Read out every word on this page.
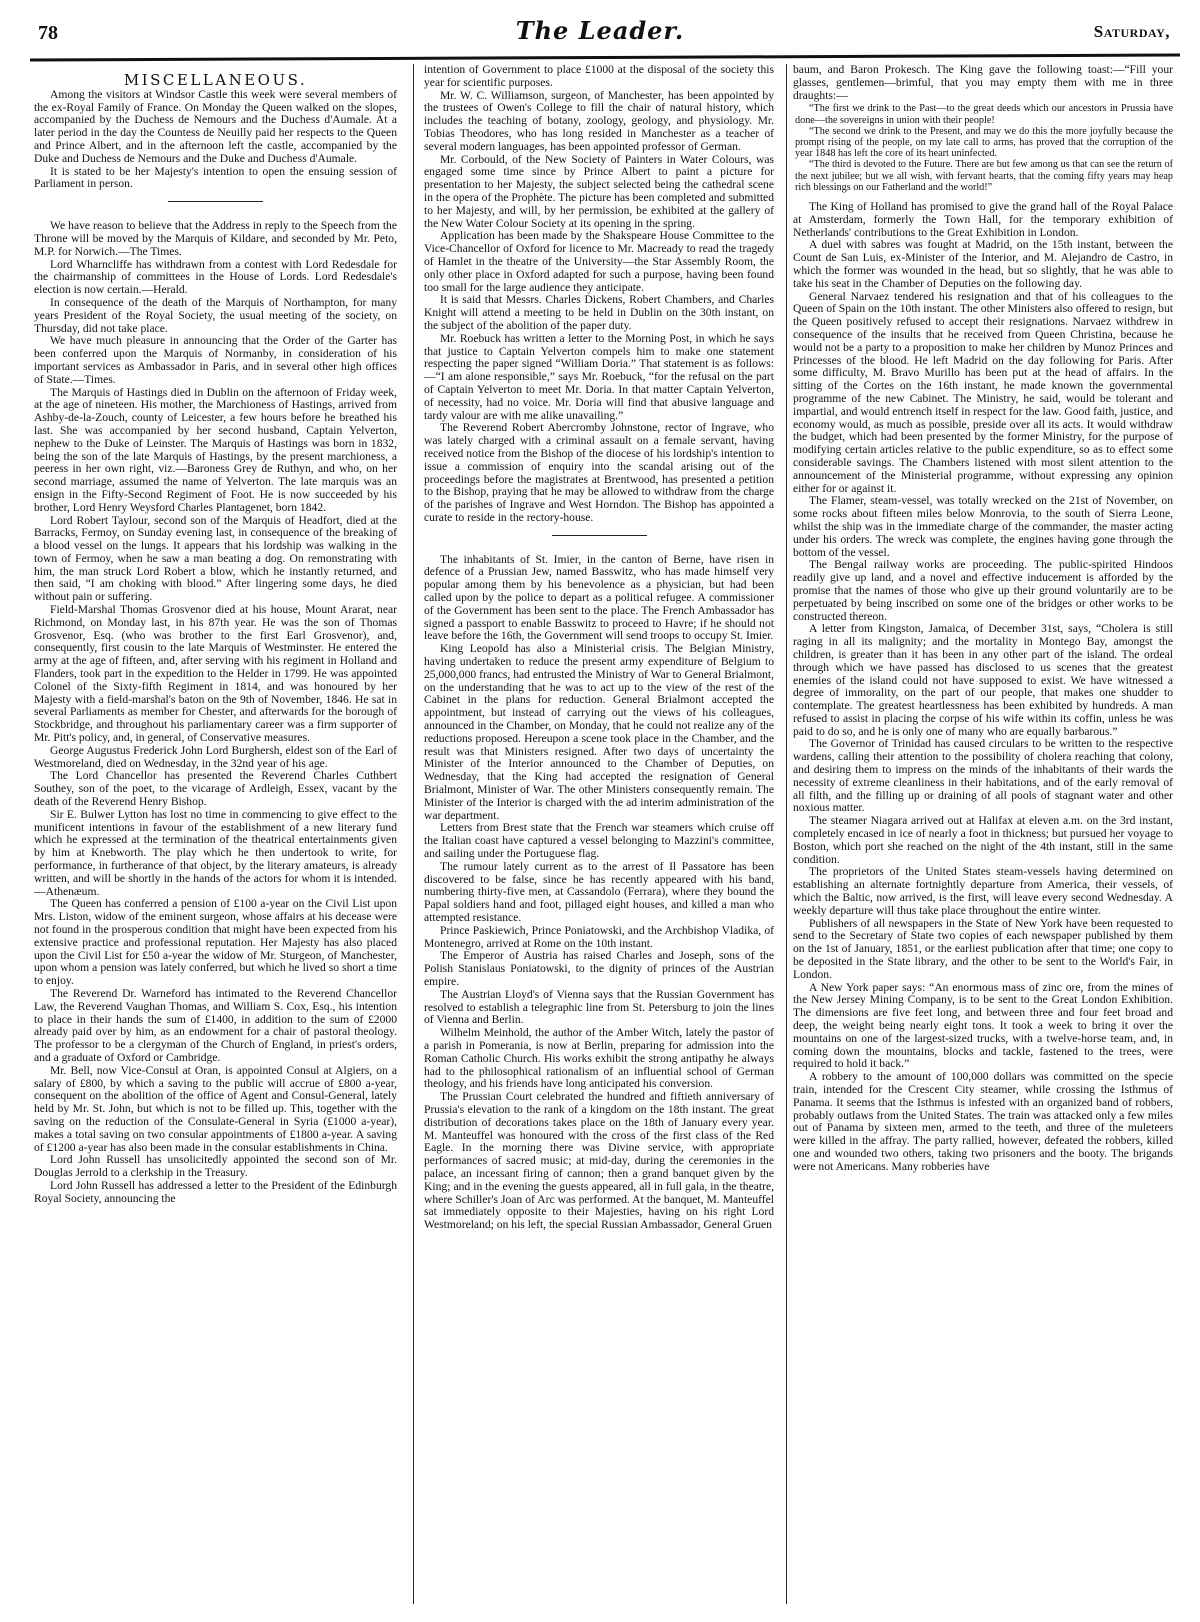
78	The Leader.	Saturday,
MISCELLANEOUS.

Among the visitors at Windsor Castle this week were several members of the ex-Royal Family of France. On Monday the Queen walked on the slopes, accompanied by the Duchess de Nemours and the Duchess d'Aumale. At a later period in the day the Countess de Neuilly paid her respects to the Queen and Prince Albert, and in the afternoon left the castle, accompanied by the Duke and Duchess de Nemours and the Duke and Duchess d'Aumale.

It is stated to be her Majesty's intention to open the ensuing session of Parliament in person.

We have reason to believe that the Address in reply to the Speech from the Throne will be moved by the Marquis of Kildare, and seconded by Mr. Peto, M.P. for Norwich.—The Times.

Lord Wharncliffe has withdrawn from a contest with Lord Redesdale for the chairmanship of committees in the House of Lords. Lord Redesdale's election is now certain.—Herald.

In consequence of the death of the Marquis of Northampton, for many years President of the Royal Society, the usual meeting of the society, on Thursday, did not take place.

We have much pleasure in announcing that the Order of the Garter has been conferred upon the Marquis of Normanby, in consideration of his important services as Ambassador in Paris, and in several other high offices of State.—Times.

The Marquis of Hastings died in Dublin on the afternoon of Friday week, at the age of nineteen. His mother, the Marchioness of Hastings, arrived from Ashby-de-la-Zouch, county of Leicester, a few hours before he breathed his last. She was accompanied by her second husband, Captain Yelverton, nephew to the Duke of Leinster. The Marquis of Hastings was born in 1832, being the son of the late Marquis of Hastings, by the present marchioness, a peeress in her own right, viz.—Baroness Grey de Ruthyn, and who, on her second marriage, assumed the name of Yelverton. The late marquis was an ensign in the Fifty-Second Regiment of Foot. He is now succeeded by his brother, Lord Henry Weysford Charles Plantagenet, born 1842.

Lord Robert Taylour, second son of the Marquis of Headfort, died at the Barracks, Fermoy, on Sunday evening last, in consequence of the breaking of a blood vessel on the lungs. It appears that his lordship was walking in the town of Fermoy, when he saw a man beating a dog. On remonstrating with him, the man struck Lord Robert a blow, which he instantly returned, and then said, “I am choking with blood.” After lingering some days, he died without pain or suffering.

Field-Marshal Thomas Grosvenor died at his house, Mount Ararat, near Richmond, on Monday last, in his 87th year. He was the son of Thomas Grosvenor, Esq. (who was brother to the first Earl Grosvenor), and, consequently, first cousin to the late Marquis of Westminster. He entered the army at the age of fifteen, and, after serving with his regiment in Holland and Flanders, took part in the expedition to the Helder in 1799. He was appointed Colonel of the Sixty-fifth Regiment in 1814, and was honoured by her Majesty with a field-marshal's baton on the 9th of November, 1846. He sat in several Parliaments as member for Chester, and afterwards for the borough of Stockbridge, and throughout his parliamentary career was a firm supporter of Mr. Pitt's policy, and, in general, of Conservative measures.

George Augustus Frederick John Lord Burghersh, eldest son of the Earl of Westmoreland, died on Wednesday, in the 32nd year of his age.

The Lord Chancellor has presented the Reverend Charles Cuthbert Southey, son of the poet, to the vicarage of Ardleigh, Essex, vacant by the death of the Reverend Henry Bishop.

Sir E. Bulwer Lytton has lost no time in commencing to give effect to the munificent intentions in favour of the establishment of a new literary fund which he expressed at the termination of the theatrical entertainments given by him at Knebworth. The play which he then undertook to write, for performance, in furtherance of that object, by the literary amateurs, is already written, and will be shortly in the hands of the actors for whom it is intended.—Athenæum.

The Queen has conferred a pension of £100 a-year on the Civil List upon Mrs. Liston, widow of the eminent surgeon, whose affairs at his decease were not found in the prosperous condition that might have been expected from his extensive practice and professional reputation. Her Majesty has also placed upon the Civil List for £50 a-year the widow of Mr. Sturgeon, of Manchester, upon whom a pension was lately conferred, but which he lived so short a time to enjoy.

The Reverend Dr. Warneford has intimated to the Reverend Chancellor Law, the Reverend Vaughan Thomas, and William S. Cox, Esq., his intention to place in their hands the sum of £1400, in addition to the sum of £2000 already paid over by him, as an endowment for a chair of pastoral theology. The professor to be a clergyman of the Church of England, in priest's orders, and a graduate of Oxford or Cambridge.

Mr. Bell, now Vice-Consul at Oran, is appointed Consul at Algiers, on a salary of £800, by which a saving to the public will accrue of £800 a-year, consequent on the abolition of the office of Agent and Consul-General, lately held by Mr. St. John, but which is not to be filled up. This, together with the saving on the reduction of the Consulate-General in Syria (£1000 a-year), makes a total saving on two consular appointments of £1800 a-year. A saving of £1200 a-year has also been made in the consular establishments in China.

Lord John Russell has unsolicitedly appointed the second son of Mr. Douglas Jerrold to a clerkship in the Treasury.

Lord John Russell has addressed a letter to the President of the Edinburgh Royal Society, announcing the

intention of Government to place £1000 at the disposal of the society this year for scientific purposes.

Mr. W. C. Williamson, surgeon, of Manchester, has been appointed by the trustees of Owen's College to fill the chair of natural history, which includes the teaching of botany, zoology, geology, and physiology. Mr. Tobias Theodores, who has long resided in Manchester as a teacher of several modern languages, has been appointed professor of German.

Mr. Corbould, of the New Society of Painters in Water Colours, was engaged some time since by Prince Albert to paint a picture for presentation to her Majesty, the subject selected being the cathedral scene in the opera of the Prophète. The picture has been completed and submitted to her Majesty, and will, by her permission, be exhibited at the gallery of the New Water Colour Society at its opening in the spring.

Application has been made by the Shakspeare House Committee to the Vice-Chancellor of Oxford for licence to Mr. Macready to read the tragedy of Hamlet in the theatre of the University—the Star Assembly Room, the only other place in Oxford adapted for such a purpose, having been found too small for the large audience they anticipate.

It is said that Messrs. Charles Dickens, Robert Chambers, and Charles Knight will attend a meeting to be held in Dublin on the 30th instant, on the subject of the abolition of the paper duty.

Mr. Roebuck has written a letter to the Morning Post, in which he says that justice to Captain Yelverton compels him to make one statement respecting the paper signed “William Doria.” That statement is as follows:—“I am alone responsible,” says Mr. Roebuck, “for the refusal on the part of Captain Yelverton to meet Mr. Doria. In that matter Captain Yelverton, of necessity, had no voice. Mr. Doria will find that abusive language and tardy valour are with me alike unavailing.”

The Reverend Robert Abercromby Johnstone, rector of Ingrave, who was lately charged with a criminal assault on a female servant, having received notice from the Bishop of the diocese of his lordship's intention to issue a commission of enquiry into the scandal arising out of the proceedings before the magistrates at Brentwood, has presented a petition to the Bishop, praying that he may be allowed to withdraw from the charge of the parishes of Ingrave and West Horndon. The Bishop has appointed a curate to reside in the rectory-house.

The inhabitants of St. Imier, in the canton of Berne, have risen in defence of a Prussian Jew, named Basswitz, who has made himself very popular among them by his benevolence as a physician, but had been called upon by the police to depart as a political refugee. A commissioner of the Government has been sent to the place. The French Ambassador has signed a passport to enable Basswitz to proceed to Havre; if he should not leave before the 16th, the Government will send troops to occupy St. Imier.

King Leopold has also a Ministerial crisis. The Belgian Ministry, having undertaken to reduce the present army expenditure of Belgium to 25,000,000 francs, had entrusted the Ministry of War to General Brialmont, on the understanding that he was to act up to the view of the rest of the Cabinet in the plans for reduction. General Brialmont accepted the appointment, but instead of carrying out the views of his colleagues, announced in the Chamber, on Monday, that he could not realize any of the reductions proposed. Hereupon a scene took place in the Chamber, and the result was that Ministers resigned. After two days of uncertainty the Minister of the Interior announced to the Chamber of Deputies, on Wednesday, that the King had accepted the resignation of General Brialmont, Minister of War. The other Ministers consequently remain. The Minister of the Interior is charged with the ad interim administration of the war department.

Letters from Brest state that the French war steamers which cruise off the Italian coast have captured a vessel belonging to Mazzini's committee, and sailing under the Portuguese flag.

The rumour lately current as to the arrest of Il Passatore has been discovered to be false, since he has recently appeared with his band, numbering thirty-five men, at Cassandolo (Ferrara), where they bound the Papal soldiers hand and foot, pillaged eight houses, and killed a man who attempted resistance.

Prince Paskiewich, Prince Poniatowski, and the Archbishop Vladika, of Montenegro, arrived at Rome on the 10th instant.

The Emperor of Austria has raised Charles and Joseph, sons of the Polish Stanislaus Poniatowski, to the dignity of princes of the Austrian empire.

The Austrian Lloyd's of Vienna says that the Russian Government has resolved to establish a telegraphic line from St. Petersburg to join the lines of Vienna and Berlin.

Wilhelm Meinhold, the author of the Amber Witch, lately the pastor of a parish in Pomerania, is now at Berlin, preparing for admission into the Roman Catholic Church. His works exhibit the strong antipathy he always had to the philosophical rationalism of an influential school of German theology, and his friends have long anticipated his conversion.

The Prussian Court celebrated the hundred and fiftieth anniversary of Prussia's elevation to the rank of a kingdom on the 18th instant. The great distribution of decorations takes place on the 18th of January every year. M. Manteuffel was honoured with the cross of the first class of the Red Eagle. In the morning there was Divine service, with appropriate performances of sacred music; at mid-day, during the ceremonies in the palace, an incessant firing of cannon; then a grand banquet given by the King; and in the evening the guests appeared, all in full gala, in the theatre, where Schiller's Joan of Arc was performed. At the banquet, M. Manteuffel sat immediately opposite to their Majesties, having on his right Lord Westmoreland; on his left, the special Russian Ambassador, General Gruen

baum, and Baron Prokesch. The King gave the following toast:—“Fill your glasses, gentlemen—brimful, that you may empty them with me in three draughts:—

“The first we drink to the Past—to the great deeds which our ancestors in Prussia have done—the sovereigns in union with their people!

“The second we drink to the Present, and may we do this the more joyfully because the prompt rising of the people, on my late call to arms, has proved that the corruption of the year 1848 has left the core of its heart uninfected.

“The third is devoted to the Future. There are but few among us that can see the return of the next jubilee; but we all wish, with fervant hearts, that the coming fifty years may heap rich blessings on our Fatherland and the world!”

The King of Holland has promised to give the grand hall of the Royal Palace at Amsterdam, formerly the Town Hall, for the temporary exhibition of Netherlands' contributions to the Great Exhibition in London.

A duel with sabres was fought at Madrid, on the 15th instant, between the Count de San Luis, ex-Minister of the Interior, and M. Alejandro de Castro, in which the former was wounded in the head, but so slightly, that he was able to take his seat in the Chamber of Deputies on the following day.

General Narvaez tendered his resignation and that of his colleagues to the Queen of Spain on the 10th instant. The other Ministers also offered to resign, but the Queen positively refused to accept their resignations. Narvaez withdrew in consequence of the insults that he received from Queen Christina, because he would not be a party to a proposition to make her children by Munoz Princes and Princesses of the blood. He left Madrid on the day following for Paris. After some difficulty, M. Bravo Murillo has been put at the head of affairs. In the sitting of the Cortes on the 16th instant, he made known the governmental programme of the new Cabinet. The Ministry, he said, would be tolerant and impartial, and would entrench itself in respect for the law. Good faith, justice, and economy would, as much as possible, preside over all its acts. It would withdraw the budget, which had been presented by the former Ministry, for the purpose of modifying certain articles relative to the public expenditure, so as to effect some considerable savings. The Chambers listened with most silent attention to the announcement of the Ministerial programme, without expressing any opinion either for or against it.

The Flamer, steam-vessel, was totally wrecked on the 21st of November, on some rocks about fifteen miles below Monrovia, to the south of Sierra Leone, whilst the ship was in the immediate charge of the commander, the master acting under his orders. The wreck was complete, the engines having gone through the bottom of the vessel.

The Bengal railway works are proceeding. The public-spirited Hindoos readily give up land, and a novel and effective inducement is afforded by the promise that the names of those who give up their ground voluntarily are to be perpetuated by being inscribed on some one of the bridges or other works to be constructed thereon.

A letter from Kingston, Jamaica, of December 31st, says, “Cholera is still raging in all its malignity; and the mortality in Montego Bay, amongst the children, is greater than it has been in any other part of the island. The ordeal through which we have passed has disclosed to us scenes that the greatest enemies of the island could not have supposed to exist. We have witnessed a degree of immorality, on the part of our people, that makes one shudder to contemplate. The greatest heartlessness has been exhibited by hundreds. A man refused to assist in placing the corpse of his wife within its coffin, unless he was paid to do so, and he is only one of many who are equally barbarous.”

The Governor of Trinidad has caused circulars to be written to the respective wardens, calling their attention to the possibility of cholera reaching that colony, and desiring them to impress on the minds of the inhabitants of their wards the necessity of extreme cleanliness in their habitations, and of the early removal of all filth, and the filling up or draining of all pools of stagnant water and other noxious matter.

The steamer Niagara arrived out at Halifax at eleven a.m. on the 3rd instant, completely encased in ice of nearly a foot in thickness; but pursued her voyage to Boston, which port she reached on the night of the 4th instant, still in the same condition.

The proprietors of the United States steam-vessels having determined on establishing an alternate fortnightly departure from America, their vessels, of which the Baltic, now arrived, is the first, will leave every second Wednesday. A weekly departure will thus take place throughout the entire winter.

Publishers of all newspapers in the State of New York have been requested to send to the Secretary of State two copies of each newspaper published by them on the 1st of January, 1851, or the earliest publication after that time; one copy to be deposited in the State library, and the other to be sent to the World's Fair, in London.

A New York paper says: “An enormous mass of zinc ore, from the mines of the New Jersey Mining Company, is to be sent to the Great London Exhibition. The dimensions are five feet long, and between three and four feet broad and deep, the weight being nearly eight tons. It took a week to bring it over the mountains on one of the largest-sized trucks, with a twelve-horse team, and, in coming down the mountains, blocks and tackle, fastened to the trees, were required to hold it back.”

A robbery to the amount of 100,000 dollars was committed on the specie train, intended for the Crescent City steamer, while crossing the Isthmus of Panama. It seems that the Isthmus is infested with an organized band of robbers, probably outlaws from the United States. The train was attacked only a few miles out of Panama by sixteen men, armed to the teeth, and three of the muleteers were killed in the affray. The party rallied, however, defeated the robbers, killed one and wounded two others, taking two prisoners and the booty. The brigands were not Americans. Many robberies have
